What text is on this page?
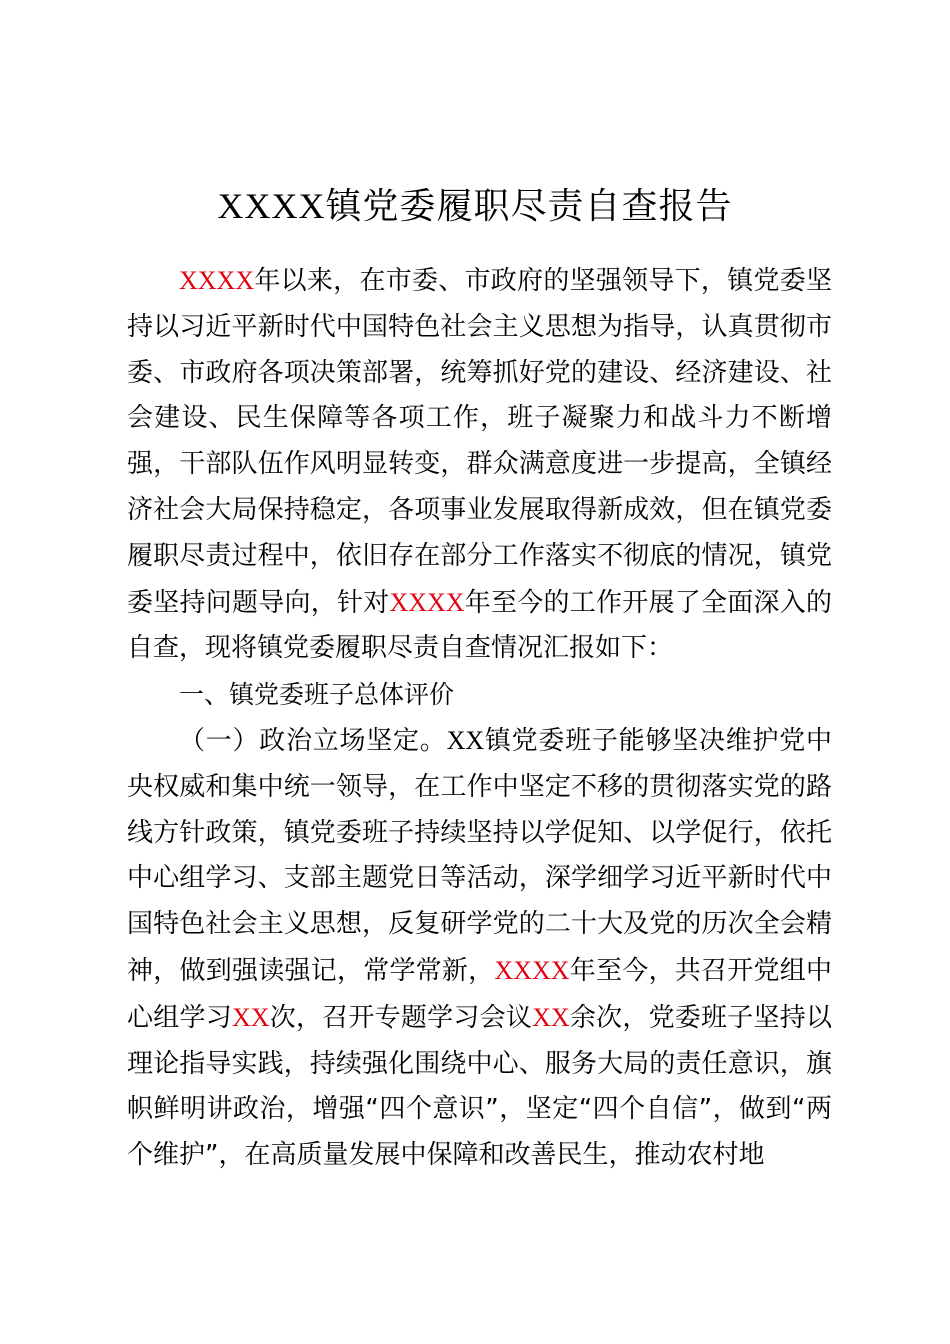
XXXX镇党委履职尽责自查报告

XXXX年以来，在市委、市政府的坚强领导下，镇党委坚持以习近平新时代中国特色社会主义思想为指导，认真贯彻市委、市政府各项决策部署，统筹抓好党的建设、经济建设、社会建设、民生保障等各项工作，班子凝聚力和战斗力不断增强，干部队伍作风明显转变，群众满意度进一步提高，全镇经济社会大局保持稳定，各项事业发展取得新成效，但在镇党委履职尽责过程中，依旧存在部分工作落实不彻底的情况，镇党委坚持问题导向，针对XXXX年至今的工作开展了全面深入的自查，现将镇党委履职尽责自查情况汇报如下：

一、镇党委班子总体评价

（一）政治立场坚定。XX镇党委班子能够坚决维护党中央权威和集中统一领导，在工作中坚定不移的贯彻落实党的路线方针政策，镇党委班子持续坚持以学促知、以学促行，依托中心组学习、支部主题党日等活动，深学细学习近平新时代中国特色社会主义思想，反复研学党的二十大及党的历次全会精神，做到强读强记，常学常新，XXXX年至今，共召开党组中心组学习XX次，召开专题学习会议XX余次，党委班子坚持以理论指导实践，持续强化围绕中心、服务大局的责任意识，旗帜鲜明讲政治，增强“四个意识”，坚定“四个自信”，做到“两个维护”，在高质量发展中保障和改善民生，推动农村地
